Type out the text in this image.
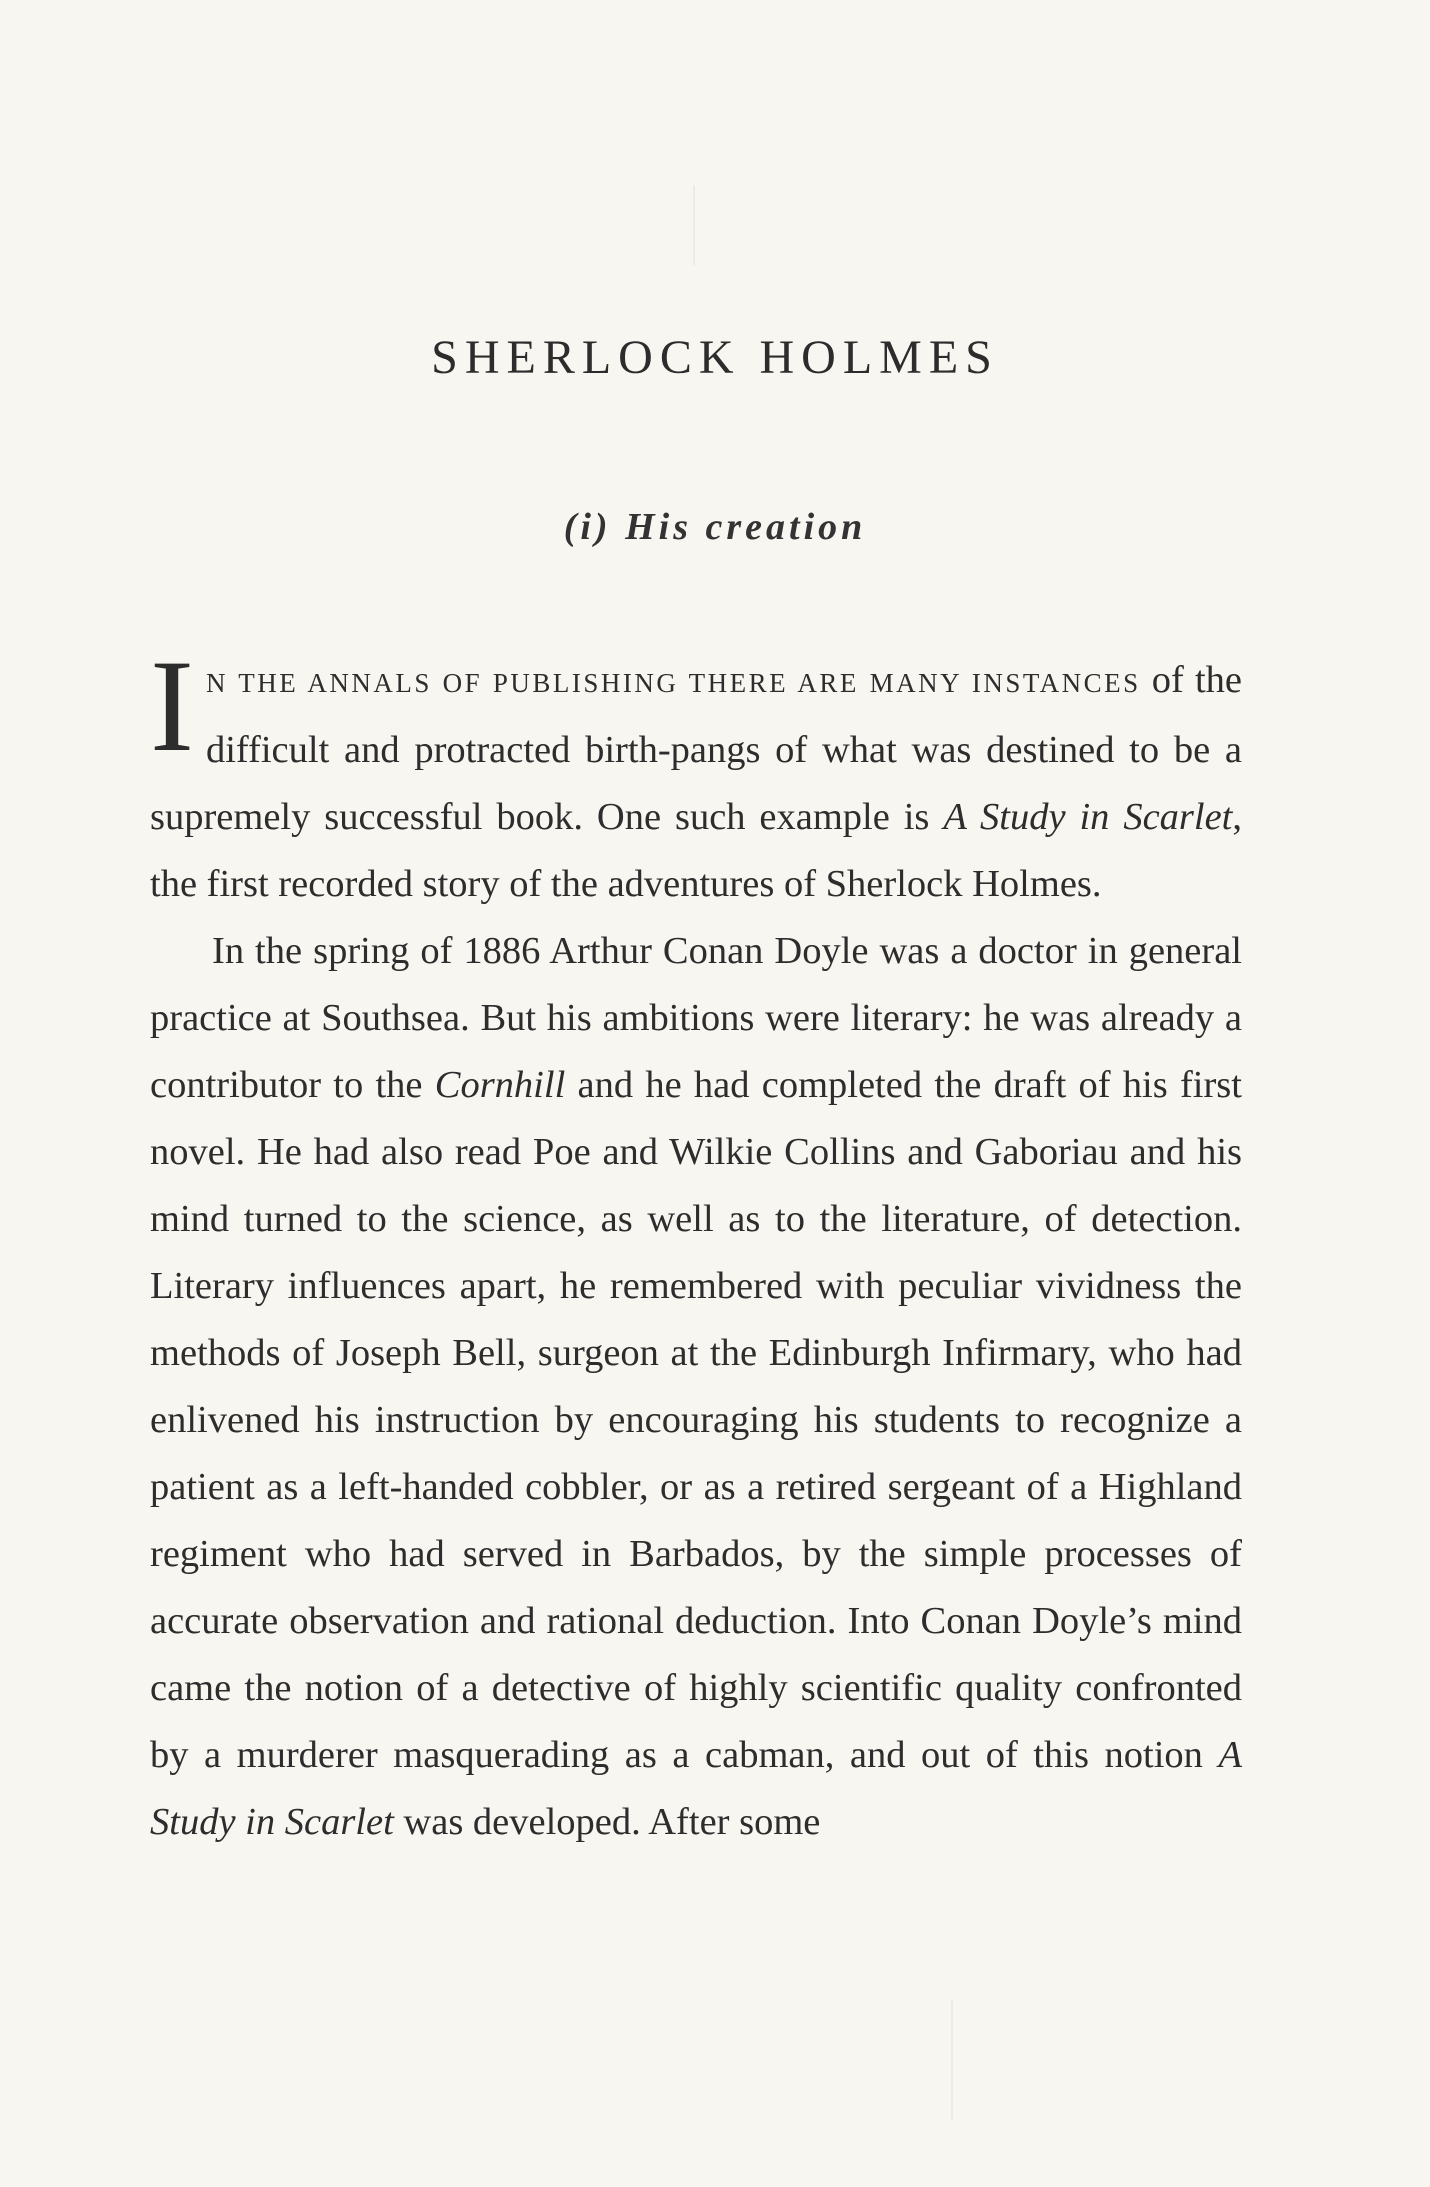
SHERLOCK HOLMES
(i) His creation

I N THE ANNALS OF PUBLISHING THERE ARE MANY INSTANCES of the difficult and protracted birth-pangs of what was destined to be a supremely successful book. One such example is A Study in Scarlet, the first recorded story of the adventures of Sherlock Holmes.

In the spring of 1886 Arthur Conan Doyle was a doctor in general practice at Southsea. But his ambitions were literary: he was already a contributor to the Cornhill and he had completed the draft of his first novel. He had also read Poe and Wilkie Collins and Gaboriau and his mind turned to the science, as well as to the literature, of detection. Literary influences apart, he remembered with peculiar vividness the methods of Joseph Bell, surgeon at the Edinburgh Infirmary, who had enlivened his instruction by encouraging his students to recognize a patient as a left-handed cobbler, or as a retired sergeant of a Highland regiment who had served in Barbados, by the simple processes of accurate observation and rational deduction. Into Conan Doyle’s mind came the notion of a detective of highly scientific quality confronted by a murderer masquerading as a cabman, and out of this notion A Study in Scarlet was developed. After some
